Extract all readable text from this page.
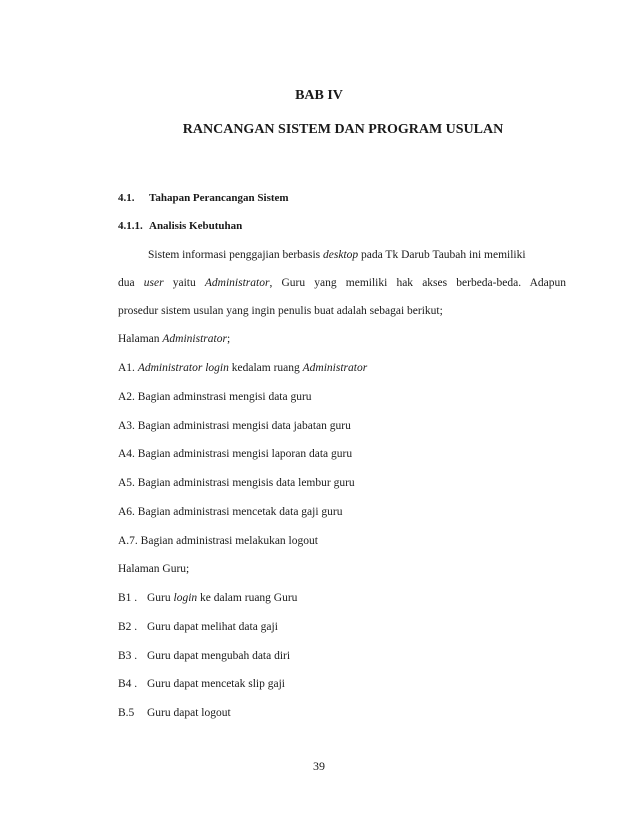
BAB IV
RANCANGAN SISTEM DAN PROGRAM USULAN
4.1. Tahapan Perancangan Sistem
4.1.1. Analisis Kebutuhan
Sistem informasi penggajian berbasis desktop pada Tk Darub Taubah ini memiliki
dua user yaitu Administrator, Guru yang memiliki hak akses berbeda-beda. Adapun
prosedur sistem usulan yang ingin penulis buat adalah sebagai berikut;
Halaman Administrator;
A1. Administrator login kedalam ruang Administrator
A2. Bagian adminstrasi mengisi data guru
A3. Bagian administrasi mengisi data jabatan guru
A4. Bagian administrasi mengisi laporan data guru
A5. Bagian administrasi mengisis data lembur guru
A6. Bagian administrasi mencetak data gaji guru
A.7. Bagian administrasi melakukan logout
Halaman Guru;
B1 . Guru login ke dalam ruang Guru
B2 . Guru dapat melihat data gaji
B3 . Guru dapat mengubah data diri
B4 . Guru dapat mencetak slip gaji
B.5 Guru dapat logout
39
